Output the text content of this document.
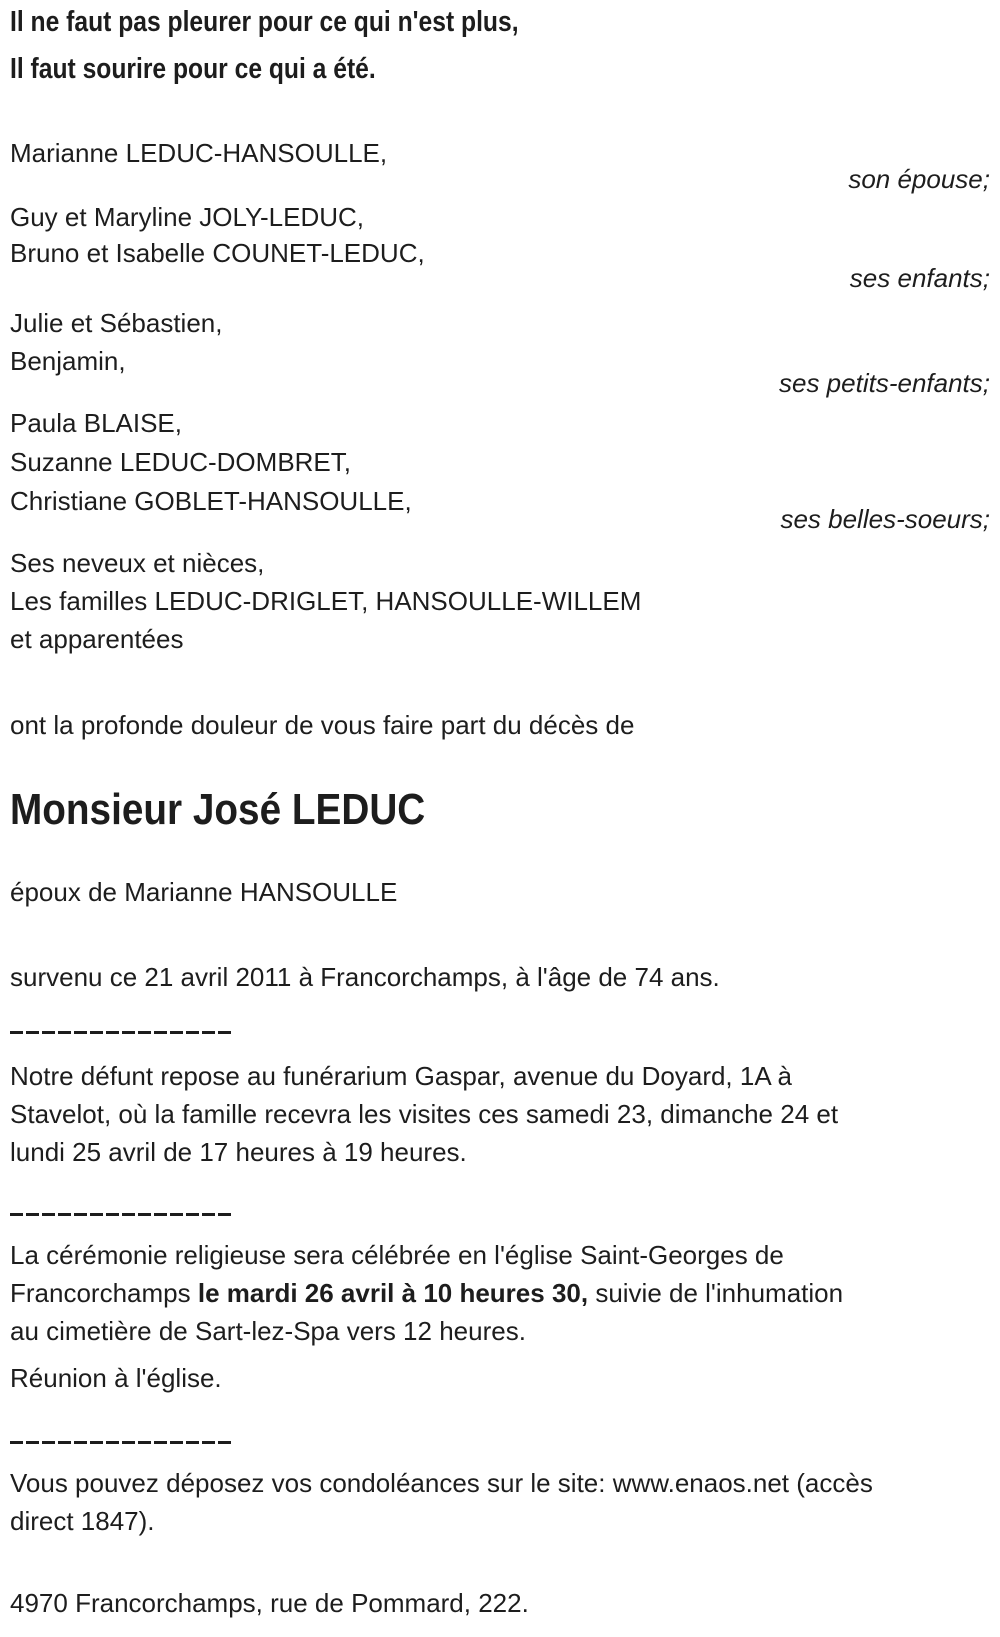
Il ne faut pas pleurer pour ce qui n'est plus,
Il faut sourire pour ce qui a été.
Marianne LEDUC-HANSOULLE,
son épouse;
Guy et Maryline JOLY-LEDUC,
Bruno et Isabelle COUNET-LEDUC,
ses enfants;
Julie et Sébastien,
Benjamin,
ses petits-enfants;
Paula BLAISE,
Suzanne LEDUC-DOMBRET,
Christiane GOBLET-HANSOULLE,
ses belles-soeurs;
Ses neveux et nièces,
Les familles LEDUC-DRIGLET, HANSOULLE-WILLEM
et apparentées
ont la profonde douleur de vous faire part du décès de
Monsieur José LEDUC
époux de Marianne HANSOULLE
survenu ce 21 avril 2011 à Francorchamps, à l'âge de 74 ans.
Notre défunt repose au funérarium Gaspar, avenue du Doyard, 1A à
Stavelot, où la famille recevra les visites ces samedi 23, dimanche 24 et
lundi 25 avril de 17 heures à 19 heures.
La cérémonie religieuse sera célébrée en l'église Saint-Georges de
Francorchamps le mardi 26 avril à 10 heures 30, suivie de l'inhumation
au cimetière de Sart-lez-Spa vers 12 heures.
Réunion à l'église.
Vous pouvez déposez vos condoléances sur le site: www.enaos.net (accès
direct 1847).
4970 Francorchamps, rue de Pommard, 222.
